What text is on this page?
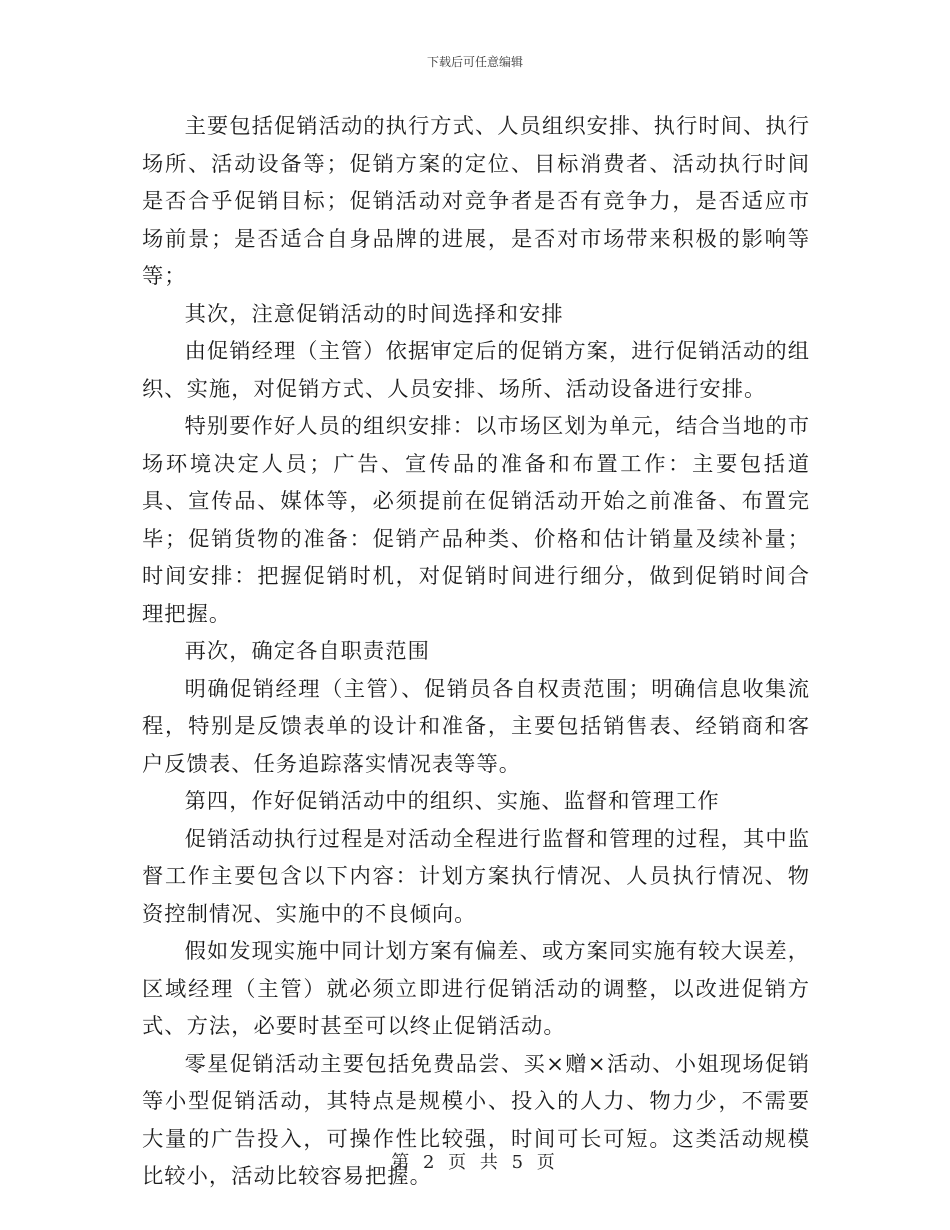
下载后可任意编辑

主要包括促销活动的执行方式、人员组织安排、执行时间、执行场所、活动设备等；促销方案的定位、目标消费者、活动执行时间是否合乎促销目标；促销活动对竞争者是否有竞争力，是否适应市场前景；是否适合自身品牌的进展，是否对市场带来积极的影响等等；

其次，注意促销活动的时间选择和安排

由促销经理（主管）依据审定后的促销方案，进行促销活动的组织、实施，对促销方式、人员安排、场所、活动设备进行安排。

特别要作好人员的组织安排：以市场区划为单元，结合当地的市场环境决定人员；广告、宣传品的准备和布置工作：主要包括道具、宣传品、媒体等，必须提前在促销活动开始之前准备、布置完毕；促销货物的准备：促销产品种类、价格和估计销量及续补量；时间安排：把握促销时机，对促销时间进行细分，做到促销时间合理把握。

再次，确定各自职责范围

明确促销经理（主管）、促销员各自权责范围；明确信息收集流程，特别是反馈表单的设计和准备，主要包括销售表、经销商和客户反馈表、任务追踪落实情况表等等。

第四，作好促销活动中的组织、实施、监督和管理工作

促销活动执行过程是对活动全程进行监督和管理的过程，其中监督工作主要包含以下内容：计划方案执行情况、人员执行情况、物资控制情况、实施中的不良倾向。

假如发现实施中同计划方案有偏差、或方案同实施有较大误差，区域经理（主管）就必须立即进行促销活动的调整，以改进促销方式、方法，必要时甚至可以终止促销活动。

零星促销活动主要包括免费品尝、买×赠×活动、小姐现场促销等小型促销活动，其特点是规模小、投入的人力、物力少，不需要大量的广告投入，可操作性比较强，时间可长可短。这类活动规模比较小，活动比较容易把握。

第 2 页 共 5 页
